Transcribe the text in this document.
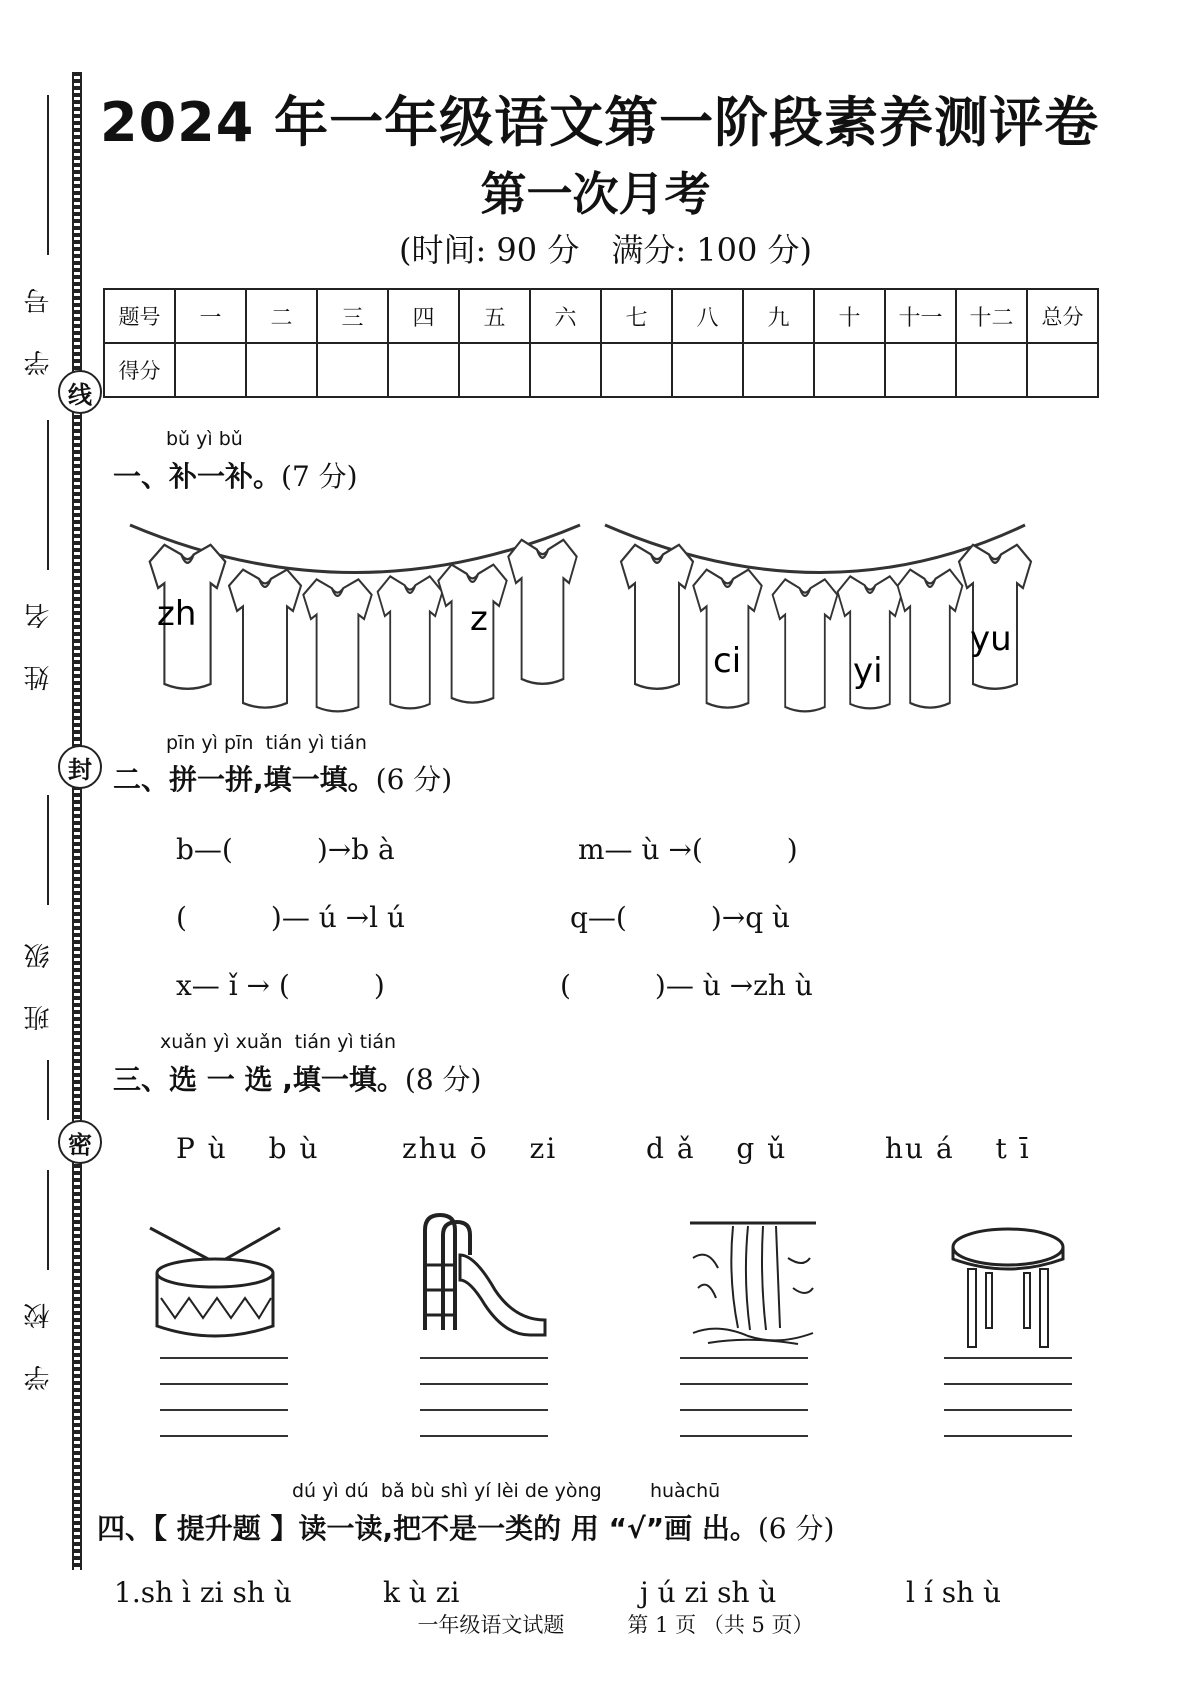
学 号
线
姓 名
封
班 级
密
学 校
2024 年一年级语文第一阶段素养测评卷
第一次月考
(时间: 90 分　满分: 100 分)
题号	一	二	三	四	五	六	七	八	九	十	十一	十二	总分
得分													
bǔ yì bǔ
一、补一补。(7 分)
zh	z
ci	yi
yu
pīn yì pīn  tián yì tián
二、拼一拼,填一填。(6 分)
b—(　　　)→b à	m— ù →(　　　)
(　　　)— ú →l ú	q—(　　　)→q ù
x— ǐ → (　　　)	(　　　)— ù →zh ù
xuǎn yì xuǎn  tián yì tián
三、选 一 选 ,填一填。(8 分)
P ù　 b ù	zhu ō　 zi	d ǎ　 g ǔ	hu á　 t ī
dú yì dú  bǎ bù shì yí lèi de yòng        huàchū
四、【 提升题 】读一读,把不是一类的 用 “√”画 出。(6 分)
1.sh ì zi sh ù	k ù zi	j ú zi sh ù	l í sh ù
一年级语文试题　　　第 1 页 （共 5 页）
